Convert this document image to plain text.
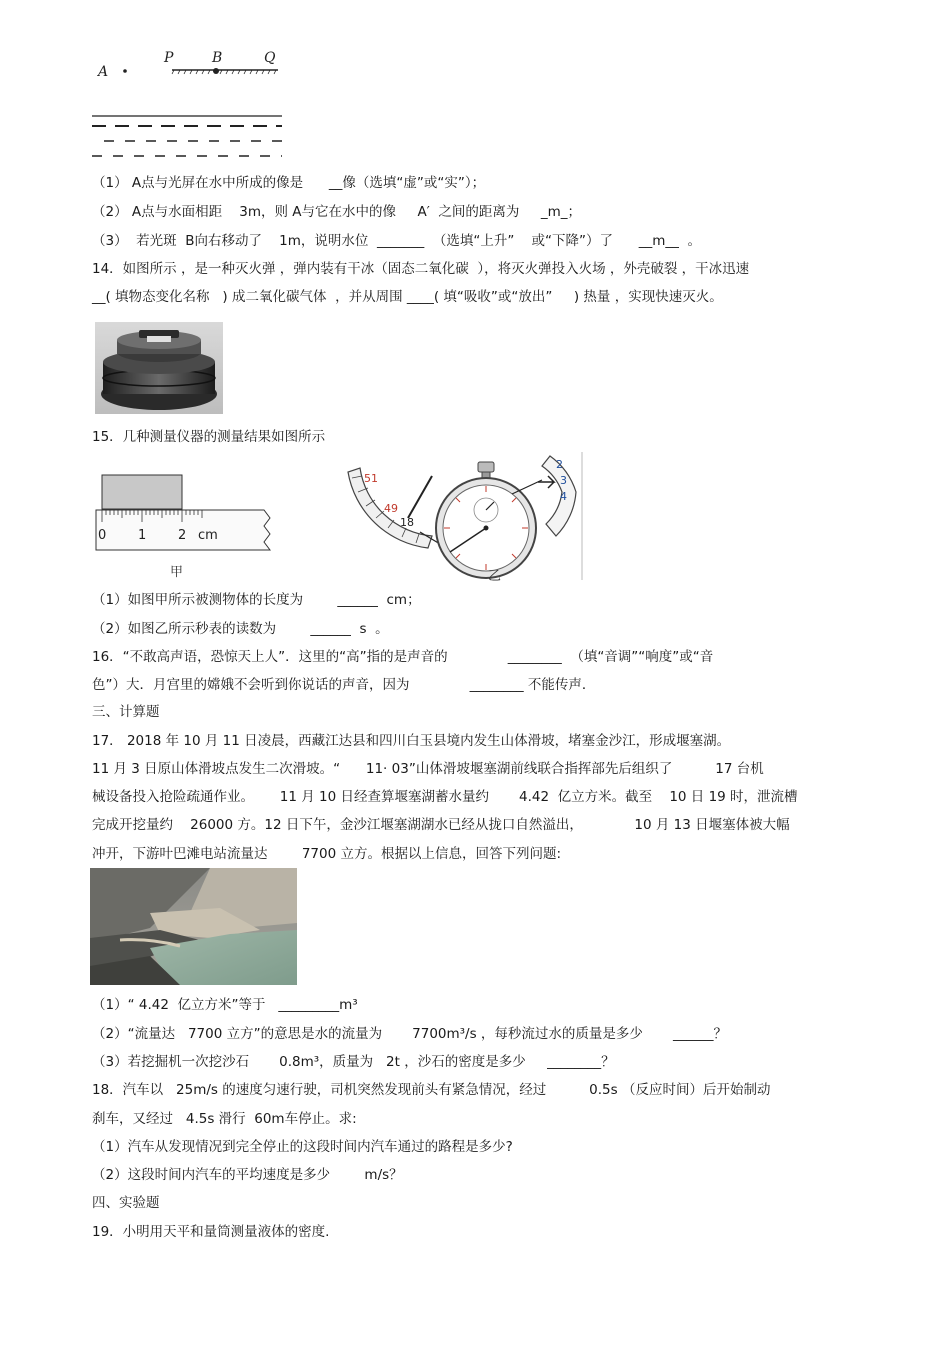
A
P	B	Q
（1） A点与光屏在水中所成的像是      __像（选填“虚”或“实”）；
（2） A点与水面相距    3m，则 A与它在水中的像     A′  之间的距离为     _m_；
（3）  若光斑  B向右移动了    1m，说明水位  _______  （选填“上升”    或“下降”）了      __m__  。
14．如图所示 ，是一种灭火弹 ，弹内装有干冰（固态二氧化碳  ），将灭火弹投入火场 ，外壳破裂 ，干冰迅速
__( 填物态变化名称   ) 成二氧化碳气体  ，并从周围 ____( 填“吸收”或“放出”     ) 热量 ，实现快速灭火。
15．几种测量仪器的测量结果如图所示
0 1 2 cm
甲
51
49
18
2
3
4
乙
（1）如图甲所示被测物体的长度为        ______  cm；
（2）如图乙所示秒表的读数为        ______  s  。
16．“不敢高声语，恐惊天上人”．这里的“高”指的是声音的              ________  （填“音调”“响度”或“音
色”）大．月宫里的嫦娥不会听到你说话的声音，因为              ________ 不能传声．
三、计算题
17． 2018 年 10 月 11 日凌晨，西藏江达县和四川白玉县境内发生山体滑坡，堵塞金沙江，形成堰塞湖。
11 月 3 日原山体滑坡点发生二次滑坡。“      11· 03”山体滑坡堰塞湖前线联合指挥部先后组织了          17 台机
械设备投入抢险疏通作业。      11 月 10 日经查算堰塞湖蓄水量约       4.42  亿立方米。截至    10 日 19 时，泄流槽
完成开挖量约    26000 方。12 日下午，金沙江堰塞湖湖水已经从拢口自然溢出，            10 月 13 日堰塞体被大幅
冲开，下游叶巴滩电站流量达        7700 立方。根据以上信息，回答下列问题:
（1）“ 4.42  亿立方米”等于   _________m³
（2）“流量达   7700 立方”的意思是水的流量为       7700m³/s ，每秒流过水的质量是多少       ______？
（3）若挖掘机一次挖沙石       0.8m³，质量为   2t ，沙石的密度是多少     ________？
18．汽车以   25m/s 的速度匀速行驶，司机突然发现前头有紧急情况，经过          0.5s （反应时间）后开始制动
刹车，又经过   4.5s 滑行  60m车停止。求:
（1）汽车从发现情况到完全停止的这段时间内汽车通过的路程是多少?
（2）这段时间内汽车的平均速度是多少        m/s？
四、实验题
19．小明用天平和量筒测量液体的密度.
